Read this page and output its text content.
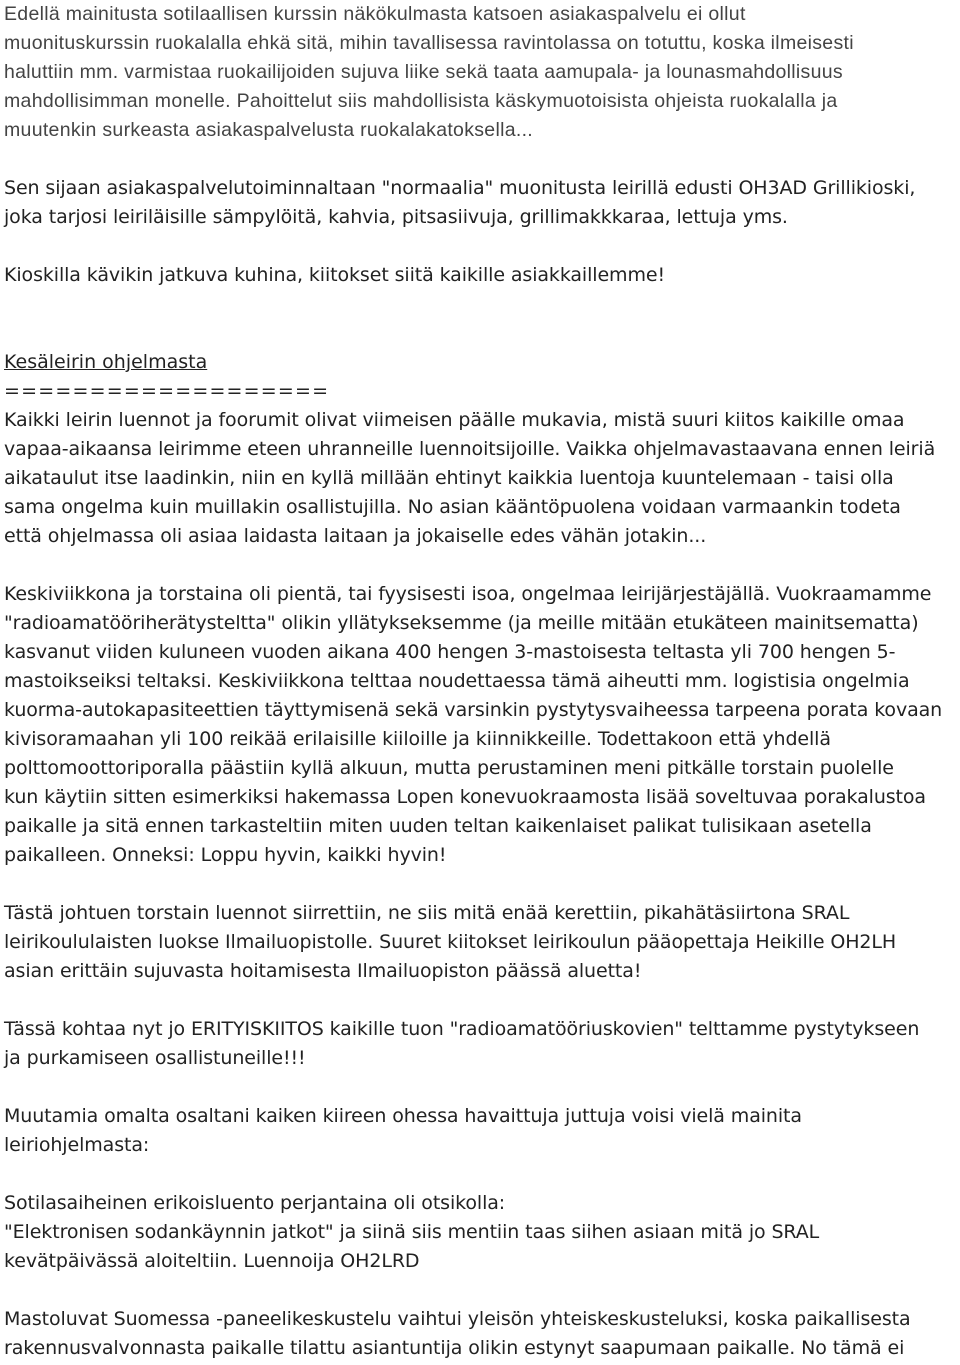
Edellä mainitusta sotilaallisen kurssin näkökulmasta katsoen asiakaspalvelu ei ollut
muonituskurssin ruokalalla ehkä sitä, mihin tavallisessa ravintolassa on totuttu, koska ilmeisesti
haluttiin mm. varmistaa ruokailijoiden sujuva liike sekä taata aamupala- ja lounasmahdollisuus
mahdollisimman monelle. Pahoittelut siis mahdollisista käskymuotoisista ohjeista ruokalalla ja
muutenkin surkeasta asiakaspalvelusta ruokalakatoksella...
Sen sijaan asiakaspalvelutoiminnaltaan "normaalia" muonitusta leirillä edusti OH3AD Grillikioski,
joka tarjosi leiriläisille sämpylöitä, kahvia, pitsasiivuja, grillimakkkaraa, lettuja yms.
Kioskilla kävikin jatkuva kuhina, kiitokset siitä kaikille asiakkaillemme!
Kesäleirin ohjelmasta
===================
Kaikki leirin luennot ja foorumit olivat viimeisen päälle mukavia, mistä suuri kiitos kaikille omaa
vapaa-aikaansa leirimme eteen uhranneille luennoitsijoille. Vaikka ohjelmavastaavana ennen leiriä
aikataulut itse laadinkin, niin en kyllä millään ehtinyt kaikkia luentoja kuuntelemaan - taisi olla
sama ongelma kuin muillakin osallistujilla. No asian kääntöpuolena voidaan varmaankin todeta
että ohjelmassa oli asiaa laidasta laitaan ja jokaiselle edes vähän jotakin...
Keskiviikkona ja torstaina oli pientä, tai fyysisesti isoa, ongelmaa leirijärjestäjällä. Vuokraamamme
"radioamatööriherätysteltta" olikin yllätykseksemme (ja meille mitään etukäteen mainitsematta)
kasvanut viiden kuluneen vuoden aikana 400 hengen 3-mastoisesta teltasta yli 700 hengen 5-
mastoikseiksi teltaksi. Keskiviikkona telttaa noudettaessa tämä aiheutti mm. logistisia ongelmia
kuorma-autokapasiteettien täyttymisenä sekä varsinkin pystytysvaiheessa tarpeena porata kovaan
kivisoramaahan yli 100 reikää erilaisille kiiloille ja kiinnikkeille. Todettakoon että yhdellä
polttomoottoriporalla päästiin kyllä alkuun, mutta perustaminen meni pitkälle torstain puolelle
kun käytiin sitten esimerkiksi hakemassa Lopen konevuokraamosta lisää soveltuvaa porakalustoa
paikalle ja sitä ennen tarkasteltiin miten uuden teltan kaikenlaiset palikat tulisikaan asetella
paikalleen. Onneksi: Loppu hyvin, kaikki hyvin!
Tästä johtuen torstain luennot siirrettiin, ne siis mitä enää kerettiin, pikahätäsiirtona SRAL
leirikoululaisten luokse Ilmailuopistolle. Suuret kiitokset leirikoulun pääopettaja Heikille OH2LH
asian erittäin sujuvasta hoitamisesta Ilmailuopiston päässä aluetta!
Tässä kohtaa nyt jo ERITYISKIITOS kaikille tuon "radioamatööriuskovien" telttamme pystytykseen
ja purkamiseen osallistuneille!!!
Muutamia omalta osaltani kaiken kiireen ohessa havaittuja juttuja voisi vielä mainita
leiriohjelmasta:
Sotilasaiheinen erikoisluento perjantaina oli otsikolla:
"Elektronisen sodankäynnin jatkot" ja siinä siis mentiin taas siihen asiaan mitä jo SRAL
kevätpäivässä aloiteltiin. Luennoija OH2LRD
Mastoluvat Suomessa -paneelikeskustelu vaihtui yleisön yhteiskeskusteluksi, koska paikallisesta
rakennusvalvonnasta paikalle tilattu asiantuntija olikin estynyt saapumaan paikalle. No tämä ei
